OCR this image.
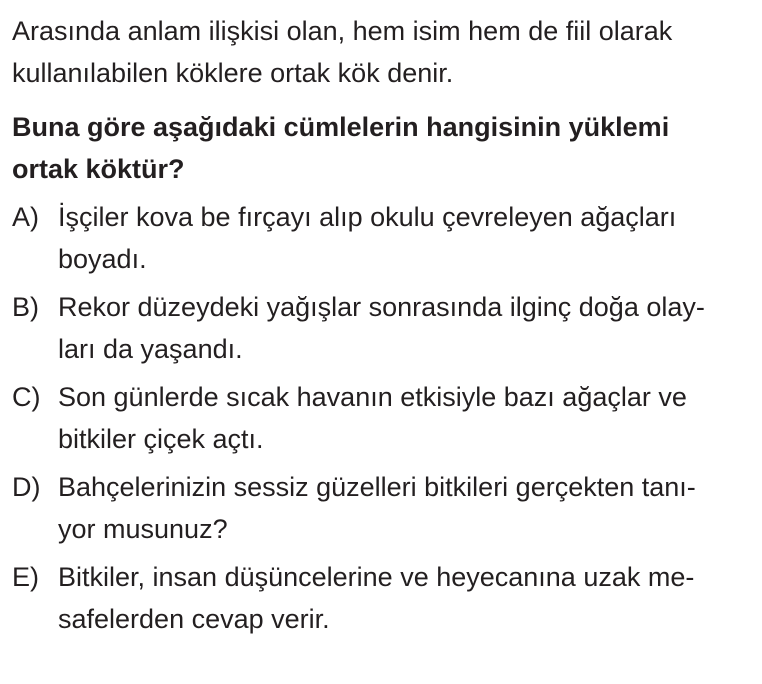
Arasında anlam ilişkisi olan, hem isim hem de fiil olarak
kullanılabilen köklere ortak kök denir.

Buna göre aşağıdaki cümlelerin hangisinin yüklemi
ortak köktür?

A) İşçiler kova be fırçayı alıp okulu çevreleyen ağaçları
boyadı.
B) Rekor düzeydeki yağışlar sonrasında ilginç doğa olay-
ları da yaşandı.
C) Son günlerde sıcak havanın etkisiyle bazı ağaçlar ve
bitkiler çiçek açtı.
D) Bahçelerinizin sessiz güzelleri bitkileri gerçekten tanı-
yor musunuz?
E) Bitkiler, insan düşüncelerine ve heyecanına uzak me-
safelerden cevap verir.
